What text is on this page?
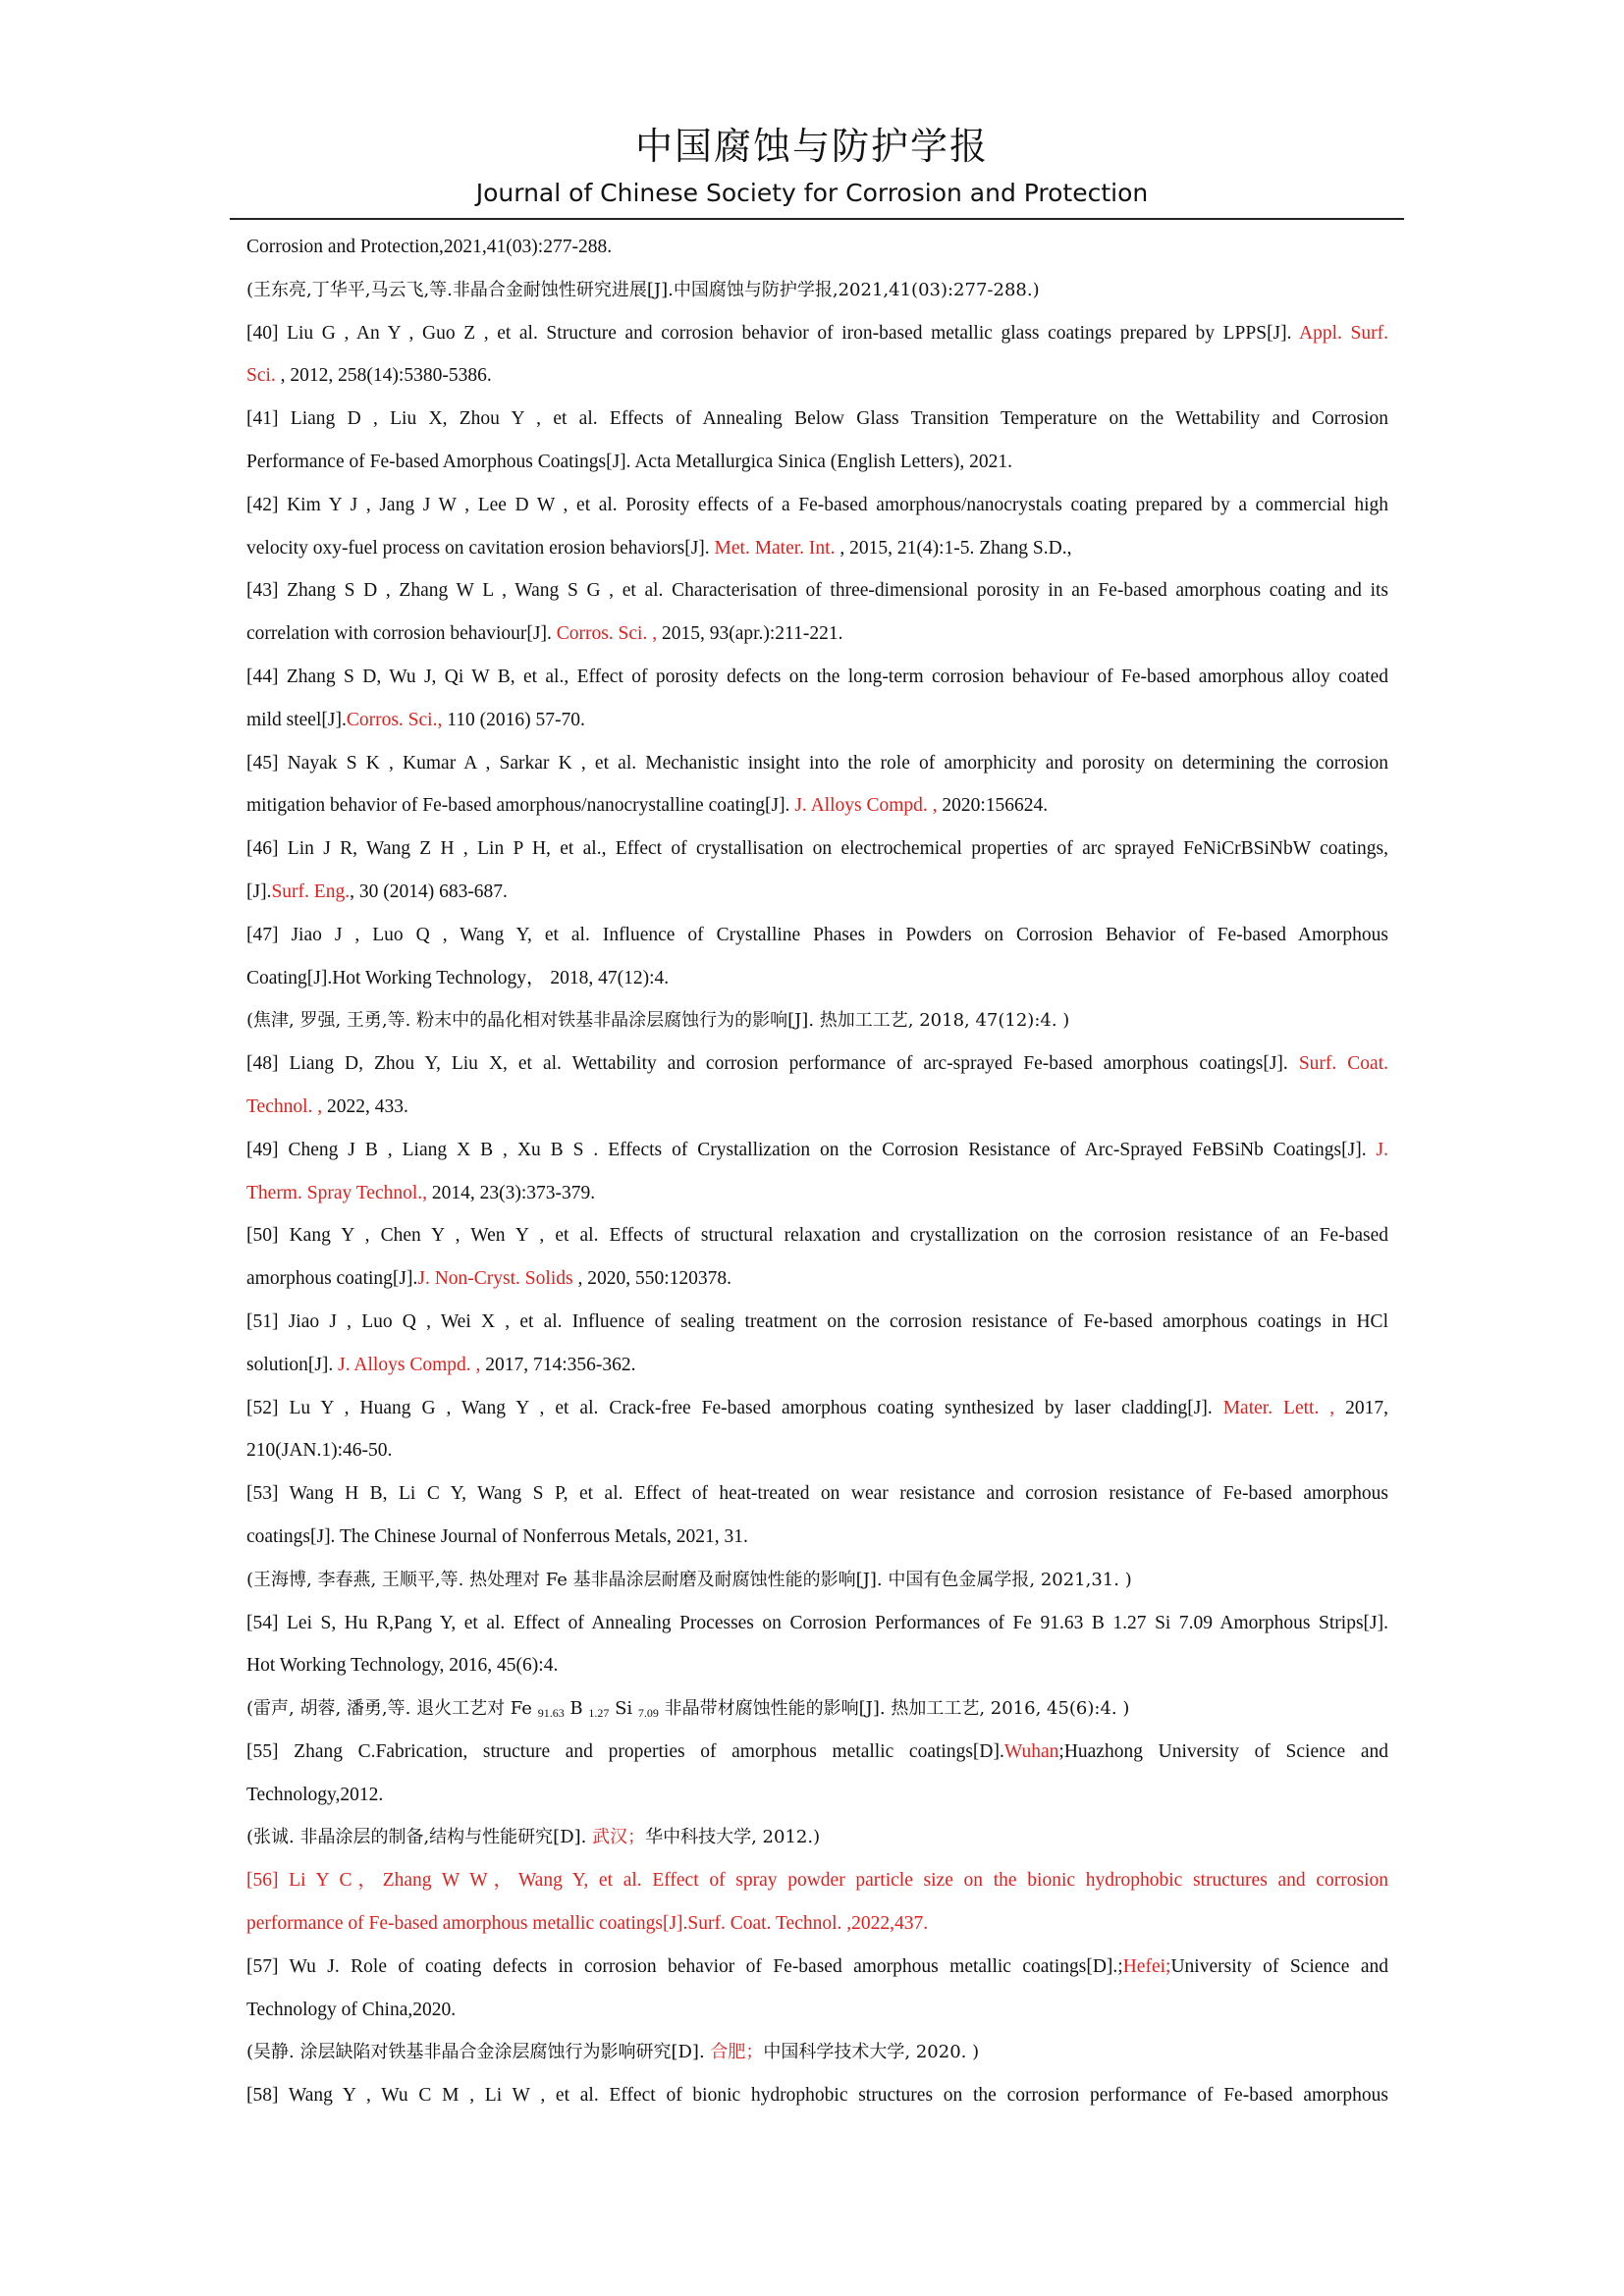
中国腐蚀与防护学报
Journal of Chinese Society for Corrosion and Protection
Corrosion and Protection,2021,41(03):277-288.
(王东亮,丁华平,马云飞,等.非晶合金耐蚀性研究进展[J].中国腐蚀与防护学报,2021,41(03):277-288.)
[40] Liu G , An Y , Guo Z , et al. Structure and corrosion behavior of iron-based metallic glass coatings prepared by LPPS[J]. Appl. Surf.
Sci. , 2012, 258(14):5380-5386.
[41] Liang D , Liu X, Zhou Y , et al. Effects of Annealing Below Glass Transition Temperature on the Wettability and Corrosion
Performance of Fe-based Amorphous Coatings[J]. Acta Metallurgica Sinica (English Letters), 2021.
[42] Kim Y J , Jang J W , Lee D W , et al. Porosity effects of a Fe-based amorphous/nanocrystals coating prepared by a commercial high
velocity oxy-fuel process on cavitation erosion behaviors[J]. Met. Mater. Int. , 2015, 21(4):1-5. Zhang S.D.,
[43] Zhang S D , Zhang W L , Wang S G , et al. Characterisation of three-dimensional porosity in an Fe-based amorphous coating and its
correlation with corrosion behaviour[J]. Corros. Sci. , 2015, 93(apr.):211-221.
[44] Zhang S D, Wu J, Qi W B, et al., Effect of porosity defects on the long-term corrosion behaviour of Fe-based amorphous alloy coated
mild steel[J].Corros. Sci., 110 (2016) 57-70.
[45] Nayak S K , Kumar A , Sarkar K , et al. Mechanistic insight into the role of amorphicity and porosity on determining the corrosion
mitigation behavior of Fe-based amorphous/nanocrystalline coating[J]. J. Alloys Compd. , 2020:156624.
[46] Lin J R, Wang Z H , Lin P H, et al., Effect of crystallisation on electrochemical properties of arc sprayed FeNiCrBSiNbW coatings,
[J].Surf. Eng., 30 (2014) 683-687.
[47] Jiao J , Luo Q , Wang Y, et al. Influence of Crystalline Phases in Powders on Corrosion Behavior of Fe-based Amorphous
Coating[J].Hot Working Technology， 2018, 47(12):4.
(焦津, 罗强, 王勇,等. 粉末中的晶化相对铁基非晶涂层腐蚀行为的影响[J]. 热加工工艺, 2018, 47(12):4. )
[48] Liang D, Zhou Y, Liu X, et al. Wettability and corrosion performance of arc-sprayed Fe-based amorphous coatings[J]. Surf. Coat.
Technol. , 2022, 433.
[49] Cheng J B , Liang X B , Xu B S . Effects of Crystallization on the Corrosion Resistance of Arc-Sprayed FeBSiNb Coatings[J]. J.
Therm. Spray Technol., 2014, 23(3):373-379.
[50] Kang Y , Chen Y , Wen Y , et al. Effects of structural relaxation and crystallization on the corrosion resistance of an Fe-based
amorphous coating[J].J. Non-Cryst. Solids , 2020, 550:120378.
[51] Jiao J , Luo Q , Wei X , et al. Influence of sealing treatment on the corrosion resistance of Fe-based amorphous coatings in HCl
solution[J]. J. Alloys Compd. , 2017, 714:356-362.
[52] Lu Y , Huang G , Wang Y , et al. Crack-free Fe-based amorphous coating synthesized by laser cladding[J]. Mater. Lett. , 2017,
210(JAN.1):46-50.
[53] Wang H B, Li C Y, Wang S P, et al. Effect of heat-treated on wear resistance and corrosion resistance of Fe-based amorphous
coatings[J]. The Chinese Journal of Nonferrous Metals, 2021, 31.
(王海博, 李春燕, 王顺平,等. 热处理对 Fe 基非晶涂层耐磨及耐腐蚀性能的影响[J]. 中国有色金属学报, 2021,31. )
[54] Lei S, Hu R,Pang Y, et al. Effect of Annealing Processes on Corrosion Performances of Fe 91.63 B 1.27 Si 7.09 Amorphous Strips[J].
Hot Working Technology, 2016, 45(6):4.
(雷声, 胡蓉, 潘勇,等. 退火工艺对 Fe $_{91.63}$ B $_{1.27}$ Si $_{7.09}$ 非晶带材腐蚀性能的影响[J]. 热加工工艺, 2016, 45(6):4. )
[55] Zhang C.Fabrication, structure and properties of amorphous metallic coatings[D].Wuhan;Huazhong University of Science and
Technology,2012.
(张诚. 非晶涂层的制备,结构与性能研究[D]. 武汉；华中科技大学, 2012.)
[56] Li Y C，Zhang W W，Wang Y, et al. Effect of spray powder particle size on the bionic hydrophobic structures and corrosion
performance of Fe-based amorphous metallic coatings[J].Surf. Coat. Technol. ,2022,437.
[57] Wu J. Role of coating defects in corrosion behavior of Fe-based amorphous metallic coatings[D].;Hefei;University of Science and
Technology of China,2020.
(吴静. 涂层缺陷对铁基非晶合金涂层腐蚀行为影响研究[D]. 合肥；中国科学技术大学, 2020. )
[58] Wang Y , Wu C M , Li W , et al. Effect of bionic hydrophobic structures on the corrosion performance of Fe-based amorphous
